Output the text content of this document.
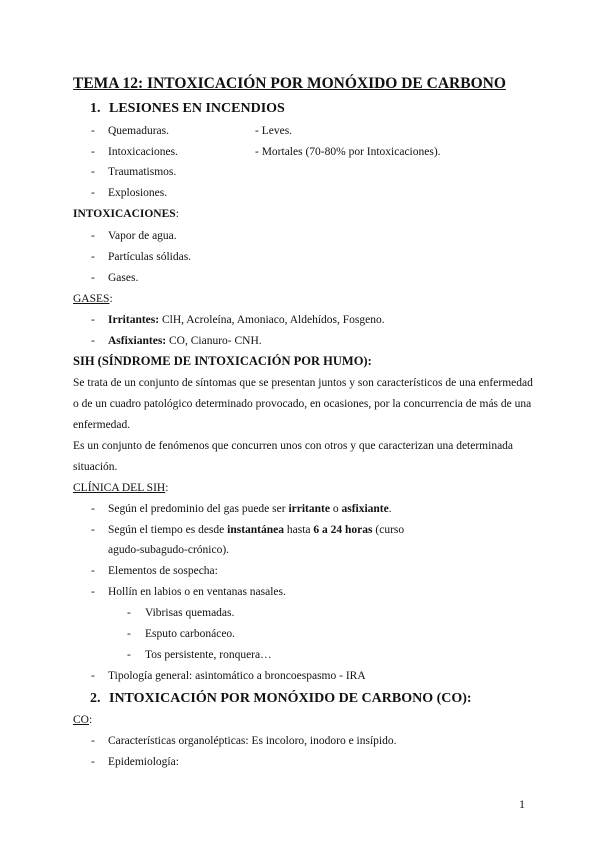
TEMA 12: INTOXICACIÓN POR MONÓXIDO DE CARBONO
1. LESIONES EN INCENDIOS
- Quemaduras.	- Leves.
- Intoxicaciones.	- Mortales (70-80% por Intoxicaciones).
- Traumatismos.
- Explosiones.
INTOXICACIONES:
- Vapor de agua.
- Partículas sólidas.
- Gases.
GASES:
- Irritantes: ClH, Acroleína, Amoniaco, Aldehídos, Fosgeno.
- Asfixiantes: CO, Cianuro- CNH.
SIH (SÍNDROME DE INTOXICACIÓN POR HUMO):
Se trata de un conjunto de síntomas que se presentan juntos y son característicos de una enfermedad o de un cuadro patológico determinado provocado, en ocasiones, por la concurrencia de más de una enfermedad.
Es un conjunto de fenómenos que concurren unos con otros y que caracterizan una determinada situación.
CLÍNICA DEL SIH:
- Según el predominio del gas puede ser irritante o asfixiante.
- Según el tiempo es desde instantánea hasta 6 a 24 horas (curso
agudo-subagudo-crónico).
- Elementos de sospecha:
- Hollín en labios o en ventanas nasales.
- Vibrisas quemadas.
- Esputo carbonáceo.
- Tos persistente, ronquera…
- Tipología general: asintomático a broncoespasmo - IRA
2. INTOXICACIÓN POR MONÓXIDO DE CARBONO (CO):
CO:
- Características organolépticas: Es incoloro, inodoro e insípido.
- Epidemiología:
1
